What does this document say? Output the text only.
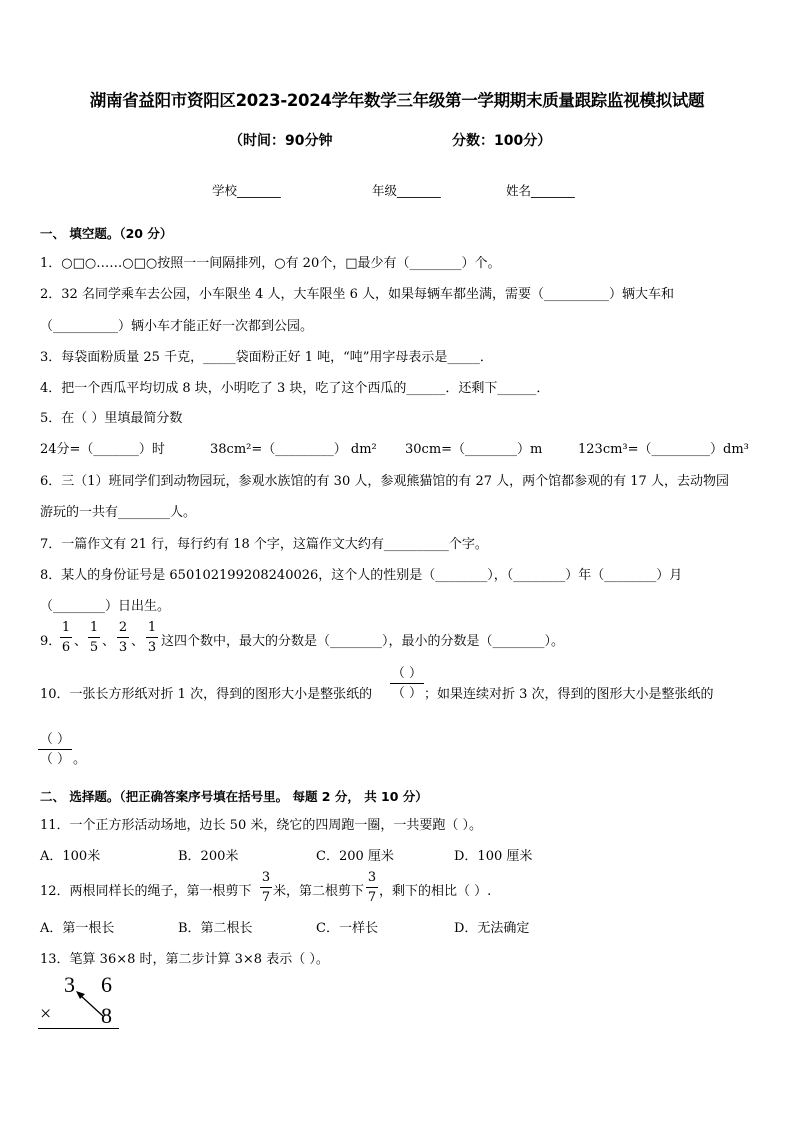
湖南省益阳市资阳区2023-2024学年数学三年级第一学期期末质量跟踪监视模拟试题
（时间：90分钟	分数：100分）
学校_______	年级_______	姓名_______
一、 填空题。（20 分）
1．○□○……○□○按照一一间隔排列，○有 20个，□最少有（________）个。
2．32 名同学乘车去公园，小车限坐 4 人，大车限坐 6 人，如果每辆车都坐满，需要（__________）辆大车和
（__________）辆小车才能正好一次都到公园。
3．每袋面粉质量 25 千克，_____袋面粉正好 1 吨，“吨”用字母表示是_____．
4．把一个西瓜平均切成 8 块，小明吃了 3 块，吃了这个西瓜的______．还剩下______．
5．在（ ）里填最简分数
24分=（_______）时	38cm²=（_________） dm² 30cm=（________）m	123cm³=（_________）dm³
6．三（1）班同学们到动物园玩，参观水族馆的有 30 人，参观熊猫馆的有 27 人，两个馆都参观的有 17 人，去动物园
游玩的一共有________人。
7．一篇作文有 21 行，每行约有 18 个字，这篇作文大约有__________个字。
8．某人的身份证号是 650102199208240026，这个人的性别是（________），（________）年（________）月
（________）日出生。
9．
1
6 、
1
5 、
2
3 、
1
3 这四个数中，最大的分数是（________），最小的分数是（________）。
10．一张长方形纸对折 1 次，得到的图形大小是整张纸的
（ ）
（ ） ；如果连续对折 3 次，得到的图形大小是整张纸的
（ ）
（ ） 。
二、 选择题。（把正确答案序号填在括号里。 每题 2 分， 共 10 分）
11．一个正方形活动场地，边长 50 米，绕它的四周跑一圈，一共要跑（ ）。
A．100米	B．200米	C．200 厘米	D．100 厘米
12．两根同样长的绳子，第一根剪下
3
7 米，第二根剪下
3
7 ，剩下的相比（ ）.
A．第一根长	B．第二根长	C．一样长	D．无法确定
13．笔算 36×8 时，第二步计算 3×8 表示（ ）。
3 6
× 8
